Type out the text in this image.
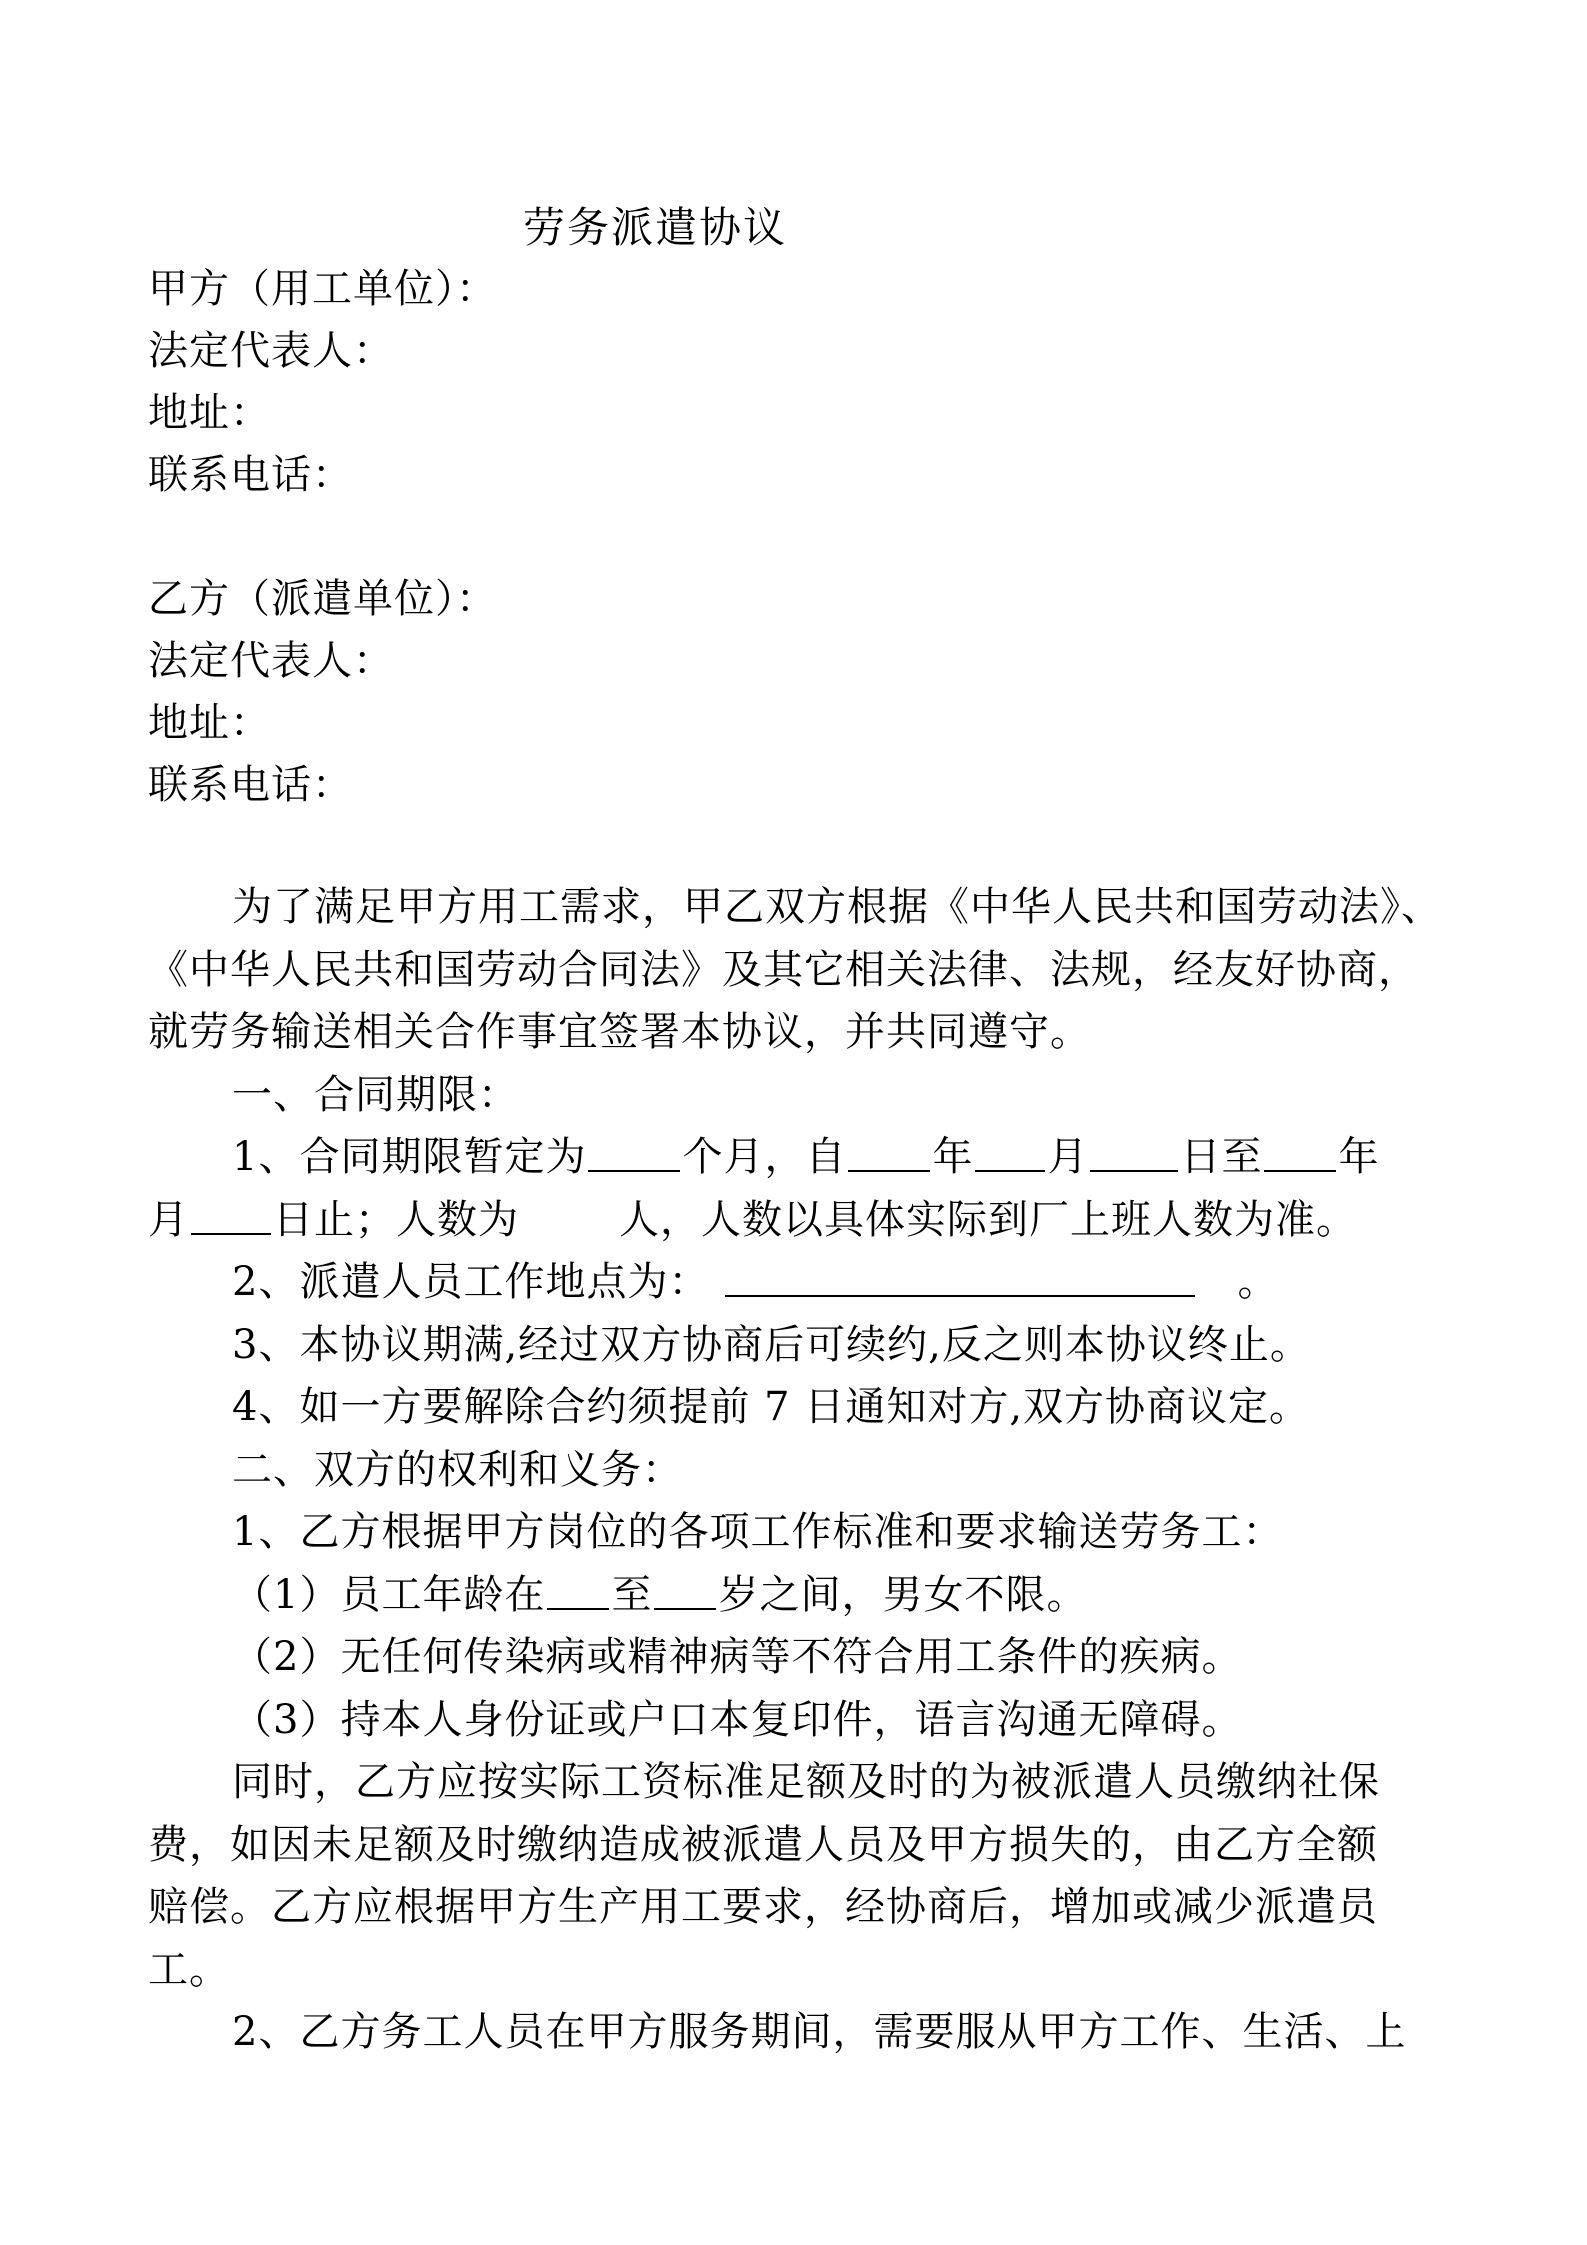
劳务派遣协议
甲方（用工单位）：
法定代表人：
地址：
联系电话：
乙方（派遣单位）：
法定代表人：
地址：
联系电话：
为了满足甲方用工需求，甲乙双方根据《中华人民共和国劳动法》、
《中华人民共和国劳动合同法》及其它相关法律、法规，经友好协商，
就劳务输送相关合作事宜签署本协议，并共同遵守。
一、合同期限：
1、合同期限暂定为 个月，自 年 月 日至 年
月 日止；人数为	人，人数以具体实际到厂上班人数为准。
2、派遣人员工作地点为：	。
3、本协议期满,经过双方协商后可续约,反之则本协议终止。
4、如一方要解除合约须提前 7 日通知对方,双方协商议定。
二、双方的权利和义务：
1、乙方根据甲方岗位的各项工作标准和要求输送劳务工：
（1）员工年龄在 至 岁之间，男女不限。
（2）无任何传染病或精神病等不符合用工条件的疾病。
（3）持本人身份证或户口本复印件，语言沟通无障碍。
同时，乙方应按实际工资标准足额及时的为被派遣人员缴纳社保
费，如因未足额及时缴纳造成被派遣人员及甲方损失的，由乙方全额
赔偿。乙方应根据甲方生产用工要求，经协商后，增加或减少派遣员
工。
2、乙方务工人员在甲方服务期间，需要服从甲方工作、生活、上
